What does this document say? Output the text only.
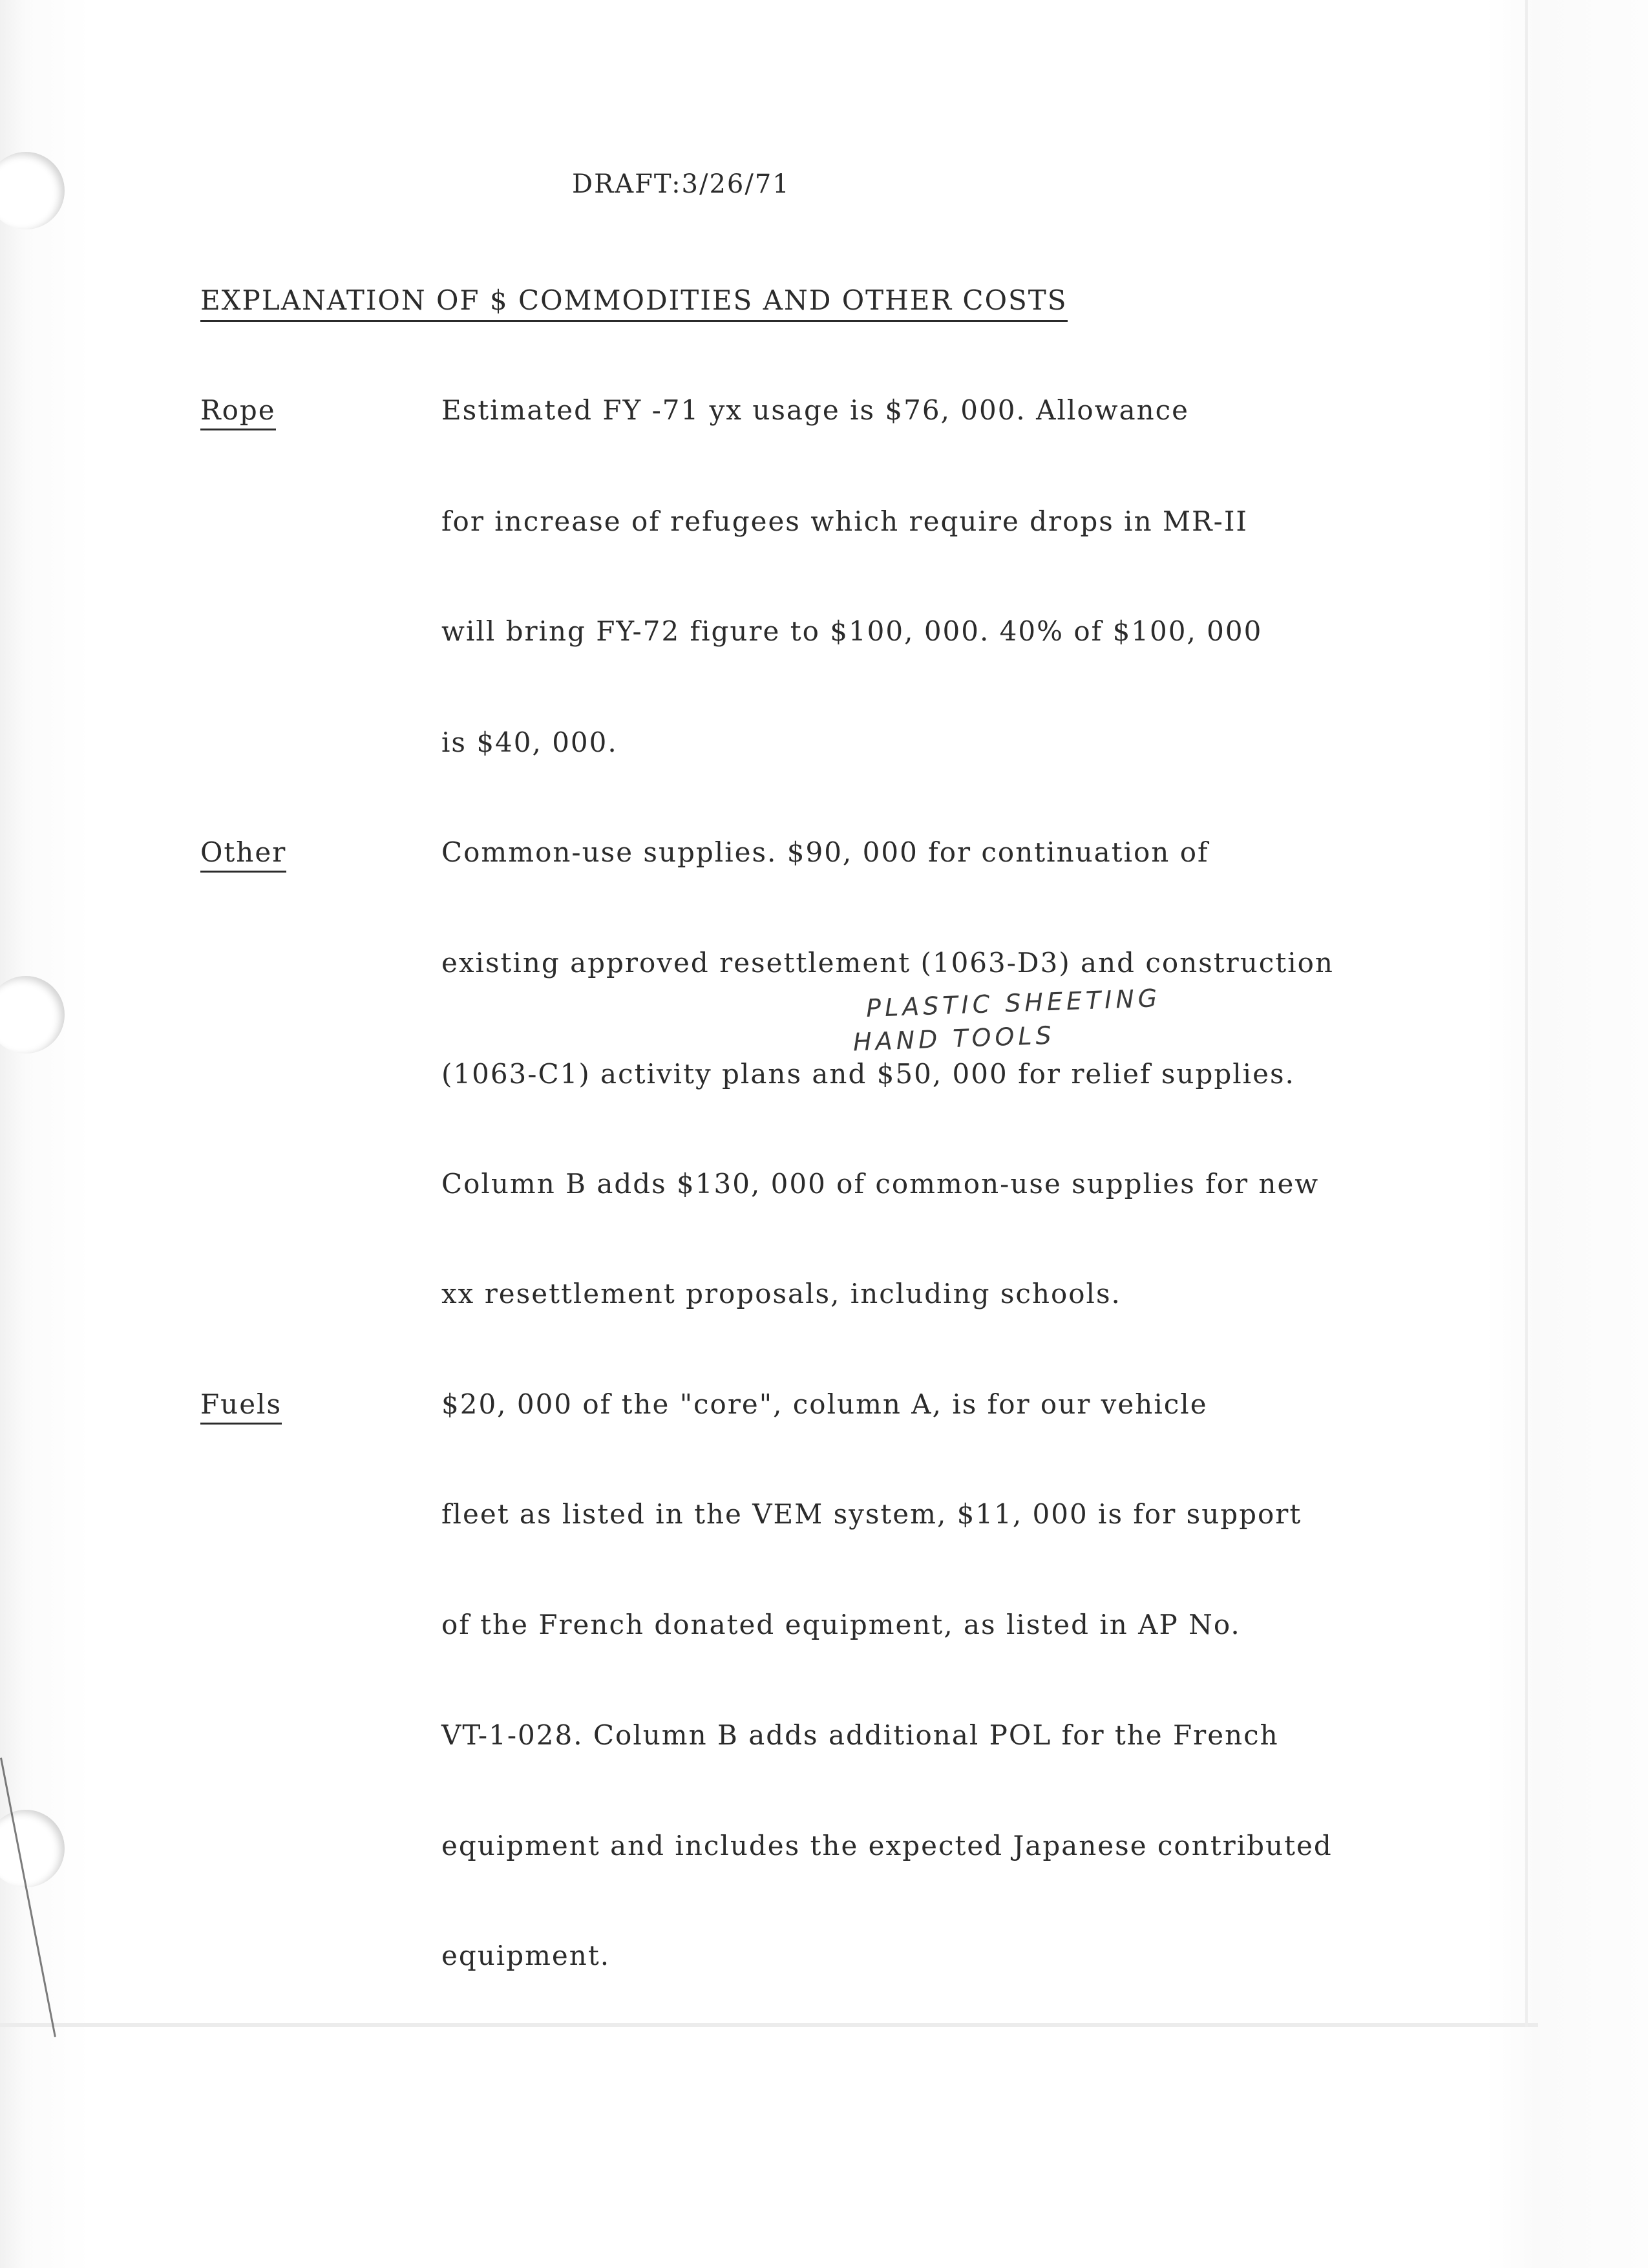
DRAFT:3/26/71
EXPLANATION OF $ COMMODITIES AND OTHER COSTS
Rope	Estimated FY -71 yx usage is $76, 000. Allowance
for increase of refugees which require drops in MR-II
will bring FY-72 figure to $100, 000. 40% of $100, 000
is $40, 000.
Other	Common-use supplies. $90, 000 for continuation of
existing approved resettlement (1063-D3) and construction
PLASTIC SHEETING
HAND TOOLS
(1063-C1) activity plans and $50, 000 for relief supplies.
Column B adds $130, 000 of common-use supplies for new
xx resettlement proposals, including schools.
Fuels	$20, 000 of the "core", column A, is for our vehicle
fleet as listed in the VEM system, $11, 000 is for support
of the French donated equipment, as listed in AP No.
VT-1-028. Column B adds additional POL for the French
equipment and includes the expected Japanese contributed
equipment.
